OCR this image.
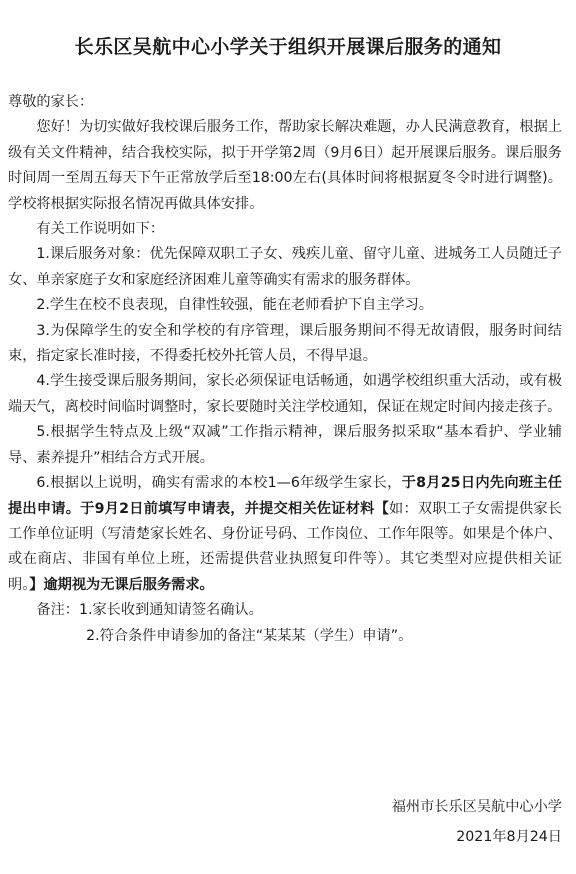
长乐区吴航中心小学关于组织开展课后服务的通知

尊敬的家长：

您好！为切实做好我校课后服务工作，帮助家长解决难题，办人民满意教育，根据上级有关文件精神，结合我校实际，拟于开学第2周（9月6日）起开展课后服务。课后服务时间周一至周五每天下午正常放学后至18:00左右(具体时间将根据夏冬令时进行调整)。学校将根据实际报名情况再做具体安排。

有关工作说明如下：

1.课后服务对象：优先保障双职工子女、残疾儿童、留守儿童、进城务工人员随迁子女、单亲家庭子女和家庭经济困难儿童等确实有需求的服务群体。

2.学生在校不良表现，自律性较强，能在老师看护下自主学习。

3.为保障学生的安全和学校的有序管理，课后服务期间不得无故请假，服务时间结束，指定家长准时接，不得委托校外托管人员，不得早退。

4.学生接受课后服务期间，家长必须保证电话畅通，如遇学校组织重大活动，或有极端天气，离校时间临时调整时，家长要随时关注学校通知，保证在规定时间内接走孩子。

5.根据学生特点及上级“双减”工作指示精神，课后服务拟采取“基本看护、学业辅导、素养提升”相结合方式开展。

6.根据以上说明，确实有需求的本校1—6年级学生家长，于8月25日内先向班主任提出申请。于9月2日前填写申请表，并提交相关佐证材料【如：双职工子女需提供家长工作单位证明（写清楚家长姓名、身份证号码、工作岗位、工作年限等。如果是个体户、或在商店、非国有单位上班，还需提供营业执照复印件等）。其它类型对应提供相关证明。】逾期视为无课后服务需求。

备注：1.家长收到通知请签名确认。

2.符合条件申请参加的备注“某某某（学生）申请”。

福州市长乐区吴航中心小学
2021年8月24日
